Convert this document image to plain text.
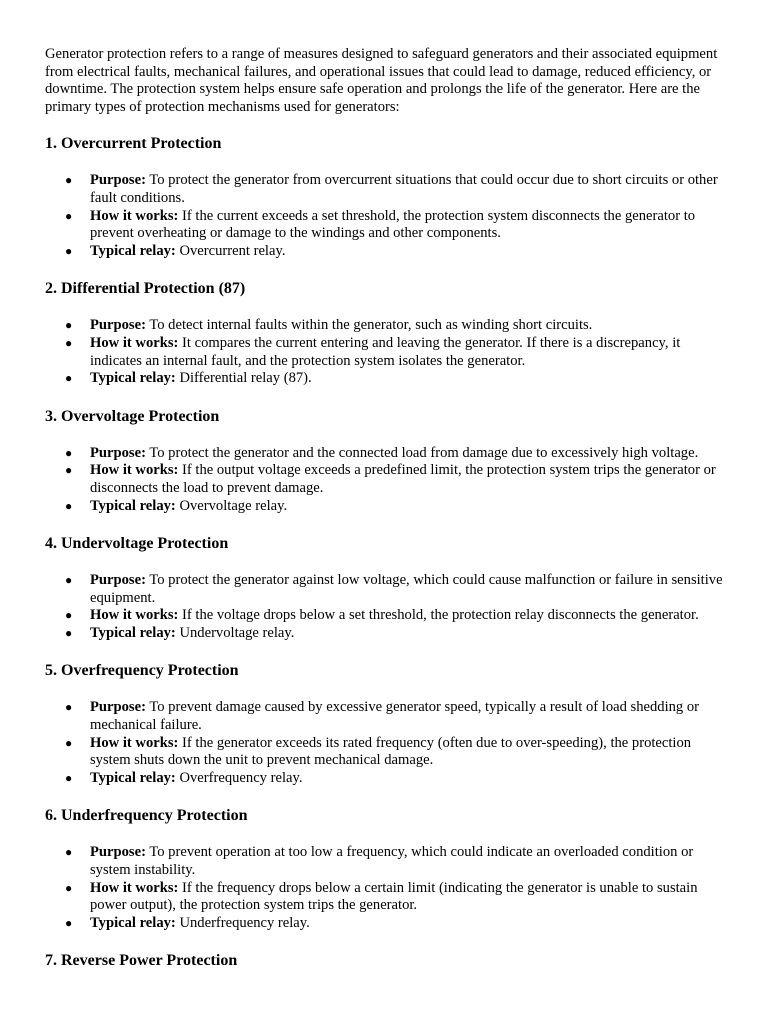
Generator protection refers to a range of measures designed to safeguard generators and their associated equipment from electrical faults, mechanical failures, and operational issues that could lead to damage, reduced efficiency, or downtime. The protection system helps ensure safe operation and prolongs the life of the generator. Here are the primary types of protection mechanisms used for generators:

1. Overcurrent Protection
● Purpose: To protect the generator from overcurrent situations that could occur due to short circuits or other fault conditions.
● How it works: If the current exceeds a set threshold, the protection system disconnects the generator to prevent overheating or damage to the windings and other components.
● Typical relay: Overcurrent relay.
2. Differential Protection (87)
● Purpose: To detect internal faults within the generator, such as winding short circuits.
● How it works: It compares the current entering and leaving the generator. If there is a discrepancy, it indicates an internal fault, and the protection system isolates the generator.
● Typical relay: Differential relay (87).
3. Overvoltage Protection
● Purpose: To protect the generator and the connected load from damage due to excessively high voltage.
● How it works: If the output voltage exceeds a predefined limit, the protection system trips the generator or disconnects the load to prevent damage.
● Typical relay: Overvoltage relay.
4. Undervoltage Protection
● Purpose: To protect the generator against low voltage, which could cause malfunction or failure in sensitive equipment.
● How it works: If the voltage drops below a set threshold, the protection relay disconnects the generator.
● Typical relay: Undervoltage relay.
5. Overfrequency Protection
● Purpose: To prevent damage caused by excessive generator speed, typically a result of load shedding or mechanical failure.
● How it works: If the generator exceeds its rated frequency (often due to over-speeding), the protection system shuts down the unit to prevent mechanical damage.
● Typical relay: Overfrequency relay.
6. Underfrequency Protection
● Purpose: To prevent operation at too low a frequency, which could indicate an overloaded condition or system instability.
● How it works: If the frequency drops below a certain limit (indicating the generator is unable to sustain power output), the protection system trips the generator.
● Typical relay: Underfrequency relay.
7. Reverse Power Protection
